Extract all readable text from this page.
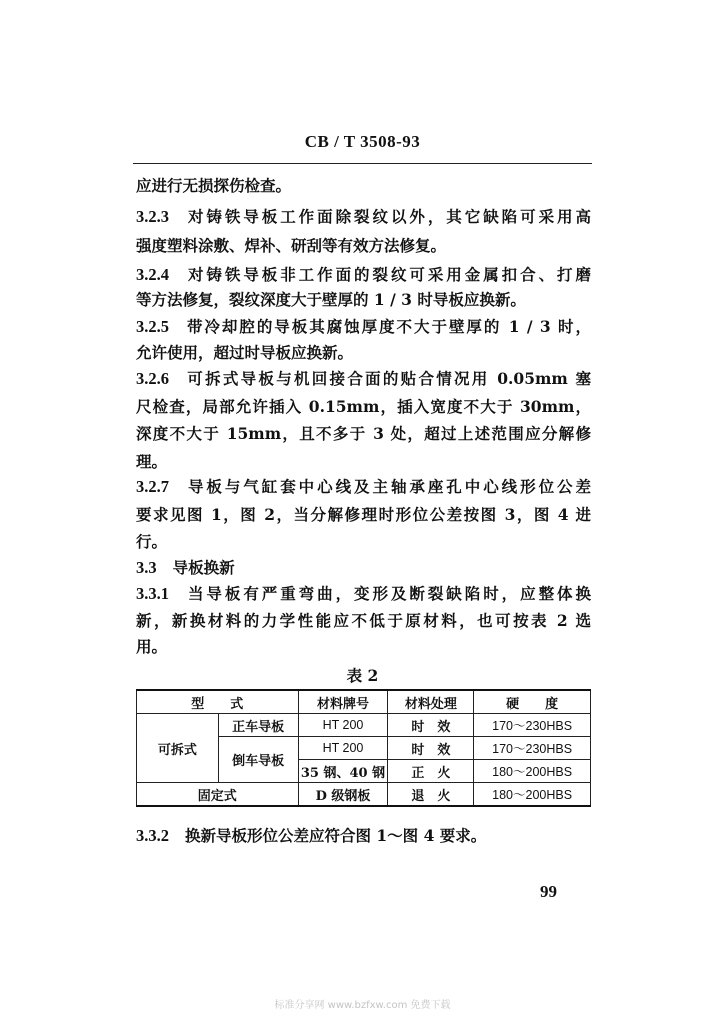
CB / T 3508-93
应进行无损探伤检查。
3.2.3 对铸铁导板工作面除裂纹以外，其它缺陷可采用高
强度塑料涂敷、焊补、研刮等有效方法修复。
3.2.4 对铸铁导板非工作面的裂纹可采用金属扣合、打磨
等方法修复，裂纹深度大于壁厚的 1 / 3 时导板应换新。
3.2.5 带冷却腔的导板其腐蚀厚度不大于壁厚的 1 / 3 时，
允许使用，超过时导板应换新。
3.2.6 可拆式导板与机回接合面的贴合情况用 0.05mm 塞
尺检查，局部允许插入 0.15mm，插入宽度不大于 30mm，
深度不大于 15mm，且不多于 3 处，超过上述范围应分解修
理。
3.2.7 导板与气缸套中心线及主轴承座孔中心线形位公差
要求见图 1，图 2，当分解修理时形位公差按图 3，图 4 进
行。
3.3 导板换新
3.3.1 当导板有严重弯曲，变形及断裂缺陷时，应整体换
新，新换材料的力学性能应不低于原材料，也可按表 2 选
用。
表 2
型　　式		材料牌号	材料处理	硬　　度
可拆式	正车导板	HT 200	时　效	170～230HBS
	倒车导板	HT 200	时　效	170～230HBS
		35 钢、40 钢	正　火	180～200HBS
固定式		D 级钢板	退　火	180～200HBS
3.3.2 换新导板形位公差应符合图 1～图 4 要求。
99
标准分享网 www.bzfxw.com 免费下载
